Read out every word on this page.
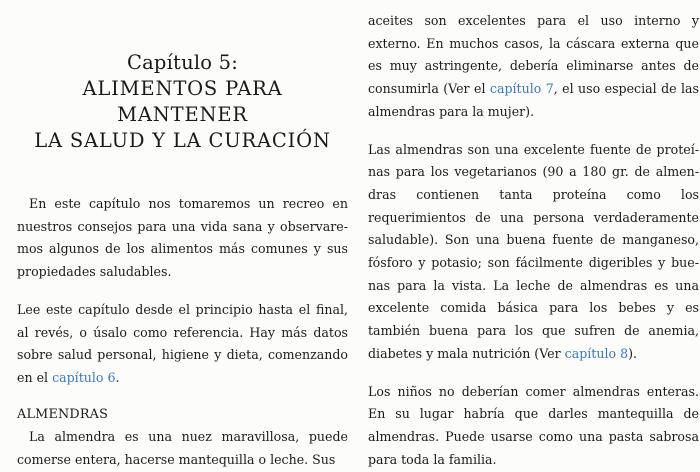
Capítulo 5:
ALIMENTOS PARA MANTENER
LA SALUD Y LA CURACIÓN

En este capítulo nos tomaremos un recreo en nuestros consejos para una vida sana y observaremos algunos de los alimentos más comunes y sus propiedades saludables.

Lee este capítulo desde el principio hasta el final, al revés, o úsalo como referencia. Hay más datos sobre salud personal, higiene y dieta, comenzando en el capítulo 6.

ALMENDRAS

La almendra es una nuez maravillosa, puede comerse entera, hacerse mantequilla o leche. Sus

aceites son excelentes para el uso interno y externo. En muchos casos, la cáscara externa que es muy astringente, debería eliminarse antes de consumirla (Ver el capítulo 7, el uso especial de las almendras para la mujer).

Las almendras son una excelente fuente de proteínas para los vegetarianos (90 a 180 gr. de almendras contienen tanta proteína como los requerimientos de una persona verdaderamente saludable). Son una buena fuente de manganeso, fósforo y potasio; son fácilmente digeribles y buenas para la vista. La leche de almendras es una excelente comida básica para los bebes y es también buena para los que sufren de anemia, diabetes y mala nutrición (Ver capítulo 8).

Los niños no deberían comer almendras enteras. En su lugar habría que darles mantequilla de almendras. Puede usarse como una pasta sabrosa para toda la familia.
